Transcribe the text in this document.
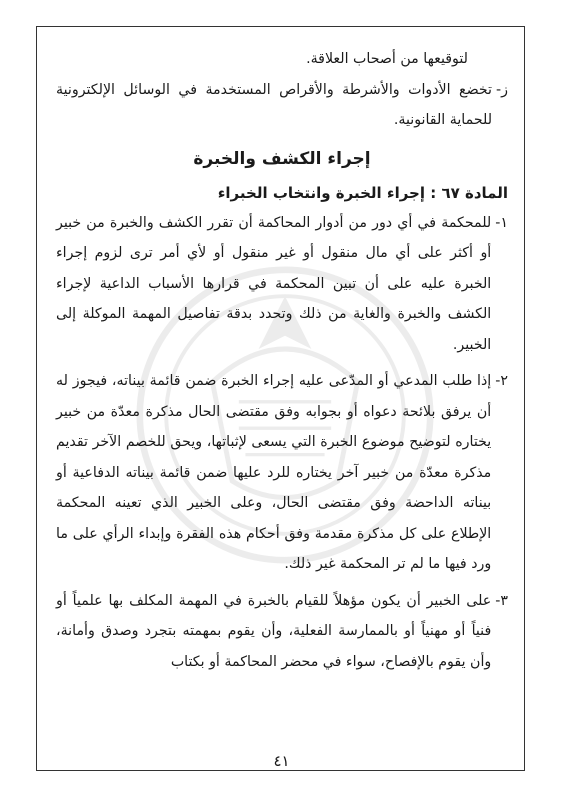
لتوقيعها من أصحاب العلاقة.

ز-
تخضع الأدوات والأشرطة والأقراص المستخدمة في الوسائل الإلكترونية للحماية القانونية.

إجراء الكشف والخبرة

المادة ٦٧ : إجراء الخبرة وانتخاب الخبراء

١-
للمحكمة في أي دور من أدوار المحاكمة أن تقرر الكشف والخبرة من خبير أو أكثر على أي مال منقول أو غير منقول أو لأي أمر ترى لزوم إجراء الخبرة عليه على أن تبين المحكمة في قرارها الأسباب الداعية لإجراء الكشف والخبرة والغاية من ذلك وتحدد بدقة تفاصيل المهمة الموكلة إلى الخبير.
٢-
إذا طلب المدعي أو المدّعى عليه إجراء الخبرة ضمن قائمة بيناته، فيجوز له أن يرفق بلائحة دعواه أو بجوابه وفق مقتضى الحال مذكرة معدّة من خبير يختاره لتوضيح موضوع الخبرة التي يسعى لإثباتها، ويحق للخصم الآخر تقديم مذكرة معدّة من خبير آخر يختاره للرد عليها ضمن قائمة بيناته الدفاعية أو بيناته الداحضة وفق مقتضى الحال، وعلى الخبير الذي تعينه المحكمة الإطلاع على كل مذكرة مقدمة وفق أحكام هذه الفقرة وإبداء الرأي على ما ورد فيها ما لم تر المحكمة غير ذلك.
٣-
على الخبير أن يكون مؤهلاً للقيام بالخبرة في المهمة المكلف بها علمياً أو فنياً أو مهنياً أو بالممارسة الفعلية، وأن يقوم بمهمته بتجرد وصدق وأمانة، وأن يقوم بالإفصاح، سواء في محضر المحاكمة أو بكتاب
٤١
